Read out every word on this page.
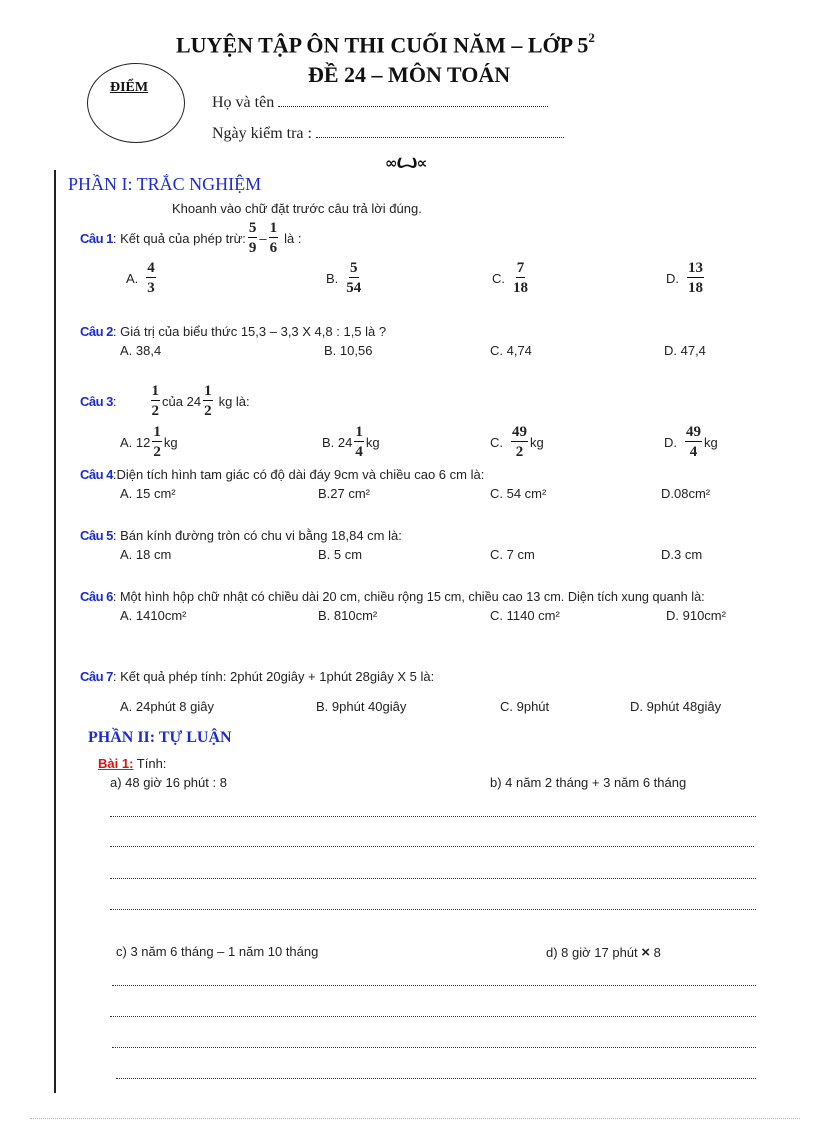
LUYỆN TẬP ÔN THI CUỐI NĂM – LỚP $5^2$
ĐỀ 24 – MÔN TOÁN
ĐIỂM
Họ và tên
Ngày kiểm tra :
∞Ꙍ∝
PHẦN I: TRẮC NGHIỆM
Khoanh vào chữ đặt trước câu trả lời đúng.
Câu 1 : Kết quả của phép trừ: $\frac{5}{9} - \frac{1}{6}$ là :
A. $\frac{4}{3}$	B. $\frac{5}{54}$	C. $\frac{7}{18}$	D. $\frac{13}{18}$
Câu 2: Giá trị của biểu thức 15,3 – 3,3 X 4,8 : 1,5 là ?
A. 38,4	B. 10,56	C. 4,74	D. 47,4
Câu 3 : $\frac{1}{2}$ của $24 \frac{1}{2}$ kg là:
A. $12 \frac{1}{2}$ kg	B. $24 \frac{1}{4}$ kg	C. $\frac{49}{2}$ kg	D. $\frac{49}{4}$ kg
Câu 4:Diện tích hình tam giác có độ dài đáy 9cm và chiều cao 6 cm là:
A. 15 cm²	B.27 cm²	C. 54 cm²	D.08cm²
Câu 5: Bán kính đường tròn có chu vi bằng 18,84 cm là:
A. 18 cm	B. 5 cm	C. 7 cm	D.3 cm
Câu 6: Một hình hộp chữ nhật có chiều dài 20 cm, chiều rộng 15 cm, chiều cao 13 cm. Diện tích xung quanh là:
A. 1410cm²	B. 810cm²	C. 1140 cm²	D. 910cm²
Câu 7: Kết quả phép tính: 2phút 20giây + 1phút 28giây X 5 là:
A. 24phút 8 giây	B. 9phút 40giây	C. 9phút	D. 9phút 48giây
PHẦN II: TỰ LUẬN
Bài 1: Tính:
a) 48 giờ 16 phút : 8	b) 4 năm 2 tháng + 3 năm 6 tháng
c) 3 năm 6 tháng – 1 năm 10 tháng	d) 8 giờ 17 phút × 8
